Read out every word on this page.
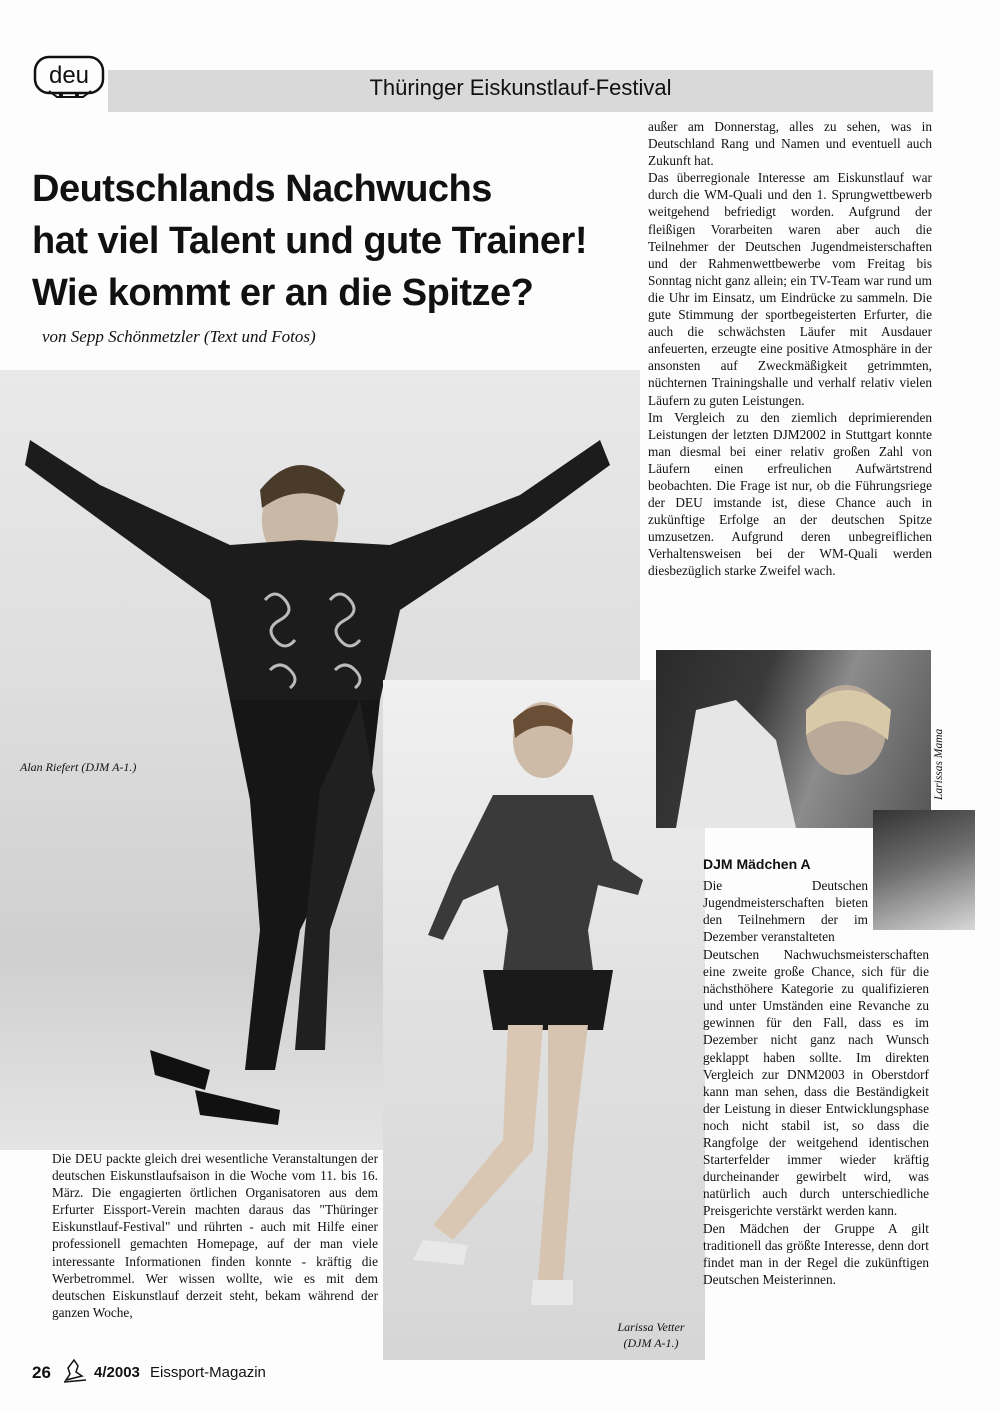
deu	Thüringer Eiskunstlauf-Festival
Deutschlands Nachwuchs
hat viel Talent und gute Trainer!
Wie kommt er an die Spitze?
von Sepp Schönmetzler (Text und Fotos)
Alan Riefert (DJM A-1.)
Larissa Vetter
(DJM A-1.)
Larissas Mama

außer am Donnerstag, alles zu sehen, was in Deutschland Rang und Namen und eventuell auch Zukunft hat.

Das überregionale Interesse am Eiskunstlauf war durch die WM-Quali und den 1. Sprungwettbewerb weitgehend befriedigt worden. Aufgrund der fleißigen Vorarbeiten waren aber auch die Teilnehmer der Deutschen Jugendmeisterschaften und der Rahmenwettbewerbe vom Freitag bis Sonntag nicht ganz allein; ein TV-Team war rund um die Uhr im Einsatz, um Eindrücke zu sammeln. Die gute Stimmung der sportbegeisterten Erfurter, die auch die schwächsten Läufer mit Ausdauer anfeuerten, erzeugte eine positive Atmosphäre in der ansonsten auf Zweckmäßigkeit getrimmten, nüchternen Trainingshalle und verhalf relativ vielen Läufern zu guten Leistungen.

Im Vergleich zu den ziemlich deprimierenden Leistungen der letzten DJM2002 in Stuttgart konnte man diesmal bei einer relativ großen Zahl von Läufern einen erfreulichen Aufwärtstrend beobachten. Die Frage ist nur, ob die Führungsriege der DEU imstande ist, diese Chance auch in zukünftige Erfolge an der deutschen Spitze umzusetzen. Aufgrund deren unbegreiflichen Verhaltensweisen bei der WM-Quali werden diesbezüglich starke Zweifel wach.

DJM Mädchen A
Die Deutschen Jugendmeisterschaften bieten den Teilnehmern der im Dezember veranstalteten

Deutschen Nachwuchsmeisterschaften eine zweite große Chance, sich für die nächsthöhere Kategorie zu qualifizieren und unter Umständen eine Revanche zu gewinnen für den Fall, dass es im Dezember nicht ganz nach Wunsch geklappt haben sollte. Im direkten Vergleich zur DNM2003 in Oberstdorf kann man sehen, dass die Beständigkeit der Leistung in dieser Entwicklungsphase noch nicht stabil ist, so dass die Rangfolge der weitgehend identischen Starterfelder immer wieder kräftig durcheinander gewirbelt wird, was natürlich auch durch unterschiedliche Preisgerichte verstärkt werden kann.

Den Mädchen der Gruppe A gilt traditionell das größte Interesse, denn dort findet man in der Regel die zukünftigen Deutschen Meisterinnen.

Die DEU packte gleich drei wesentliche Veranstaltungen der deutschen Eiskunstlaufsaison in die Woche vom 11. bis 16. März. Die engagierten örtlichen Organisatoren aus dem Erfurter Eissport-Verein machten daraus das "Thüringer Eiskunstlauf-Festival" und rührten - auch mit Hilfe einer professionell gemachten Homepage, auf der man viele interessante Informationen finden konnte - kräftig die Werbetrommel. Wer wissen wollte, wie es mit dem deutschen Eiskunstlauf derzeit steht, bekam während der ganzen Woche,
26	4/2003 Eissport-Magazin
